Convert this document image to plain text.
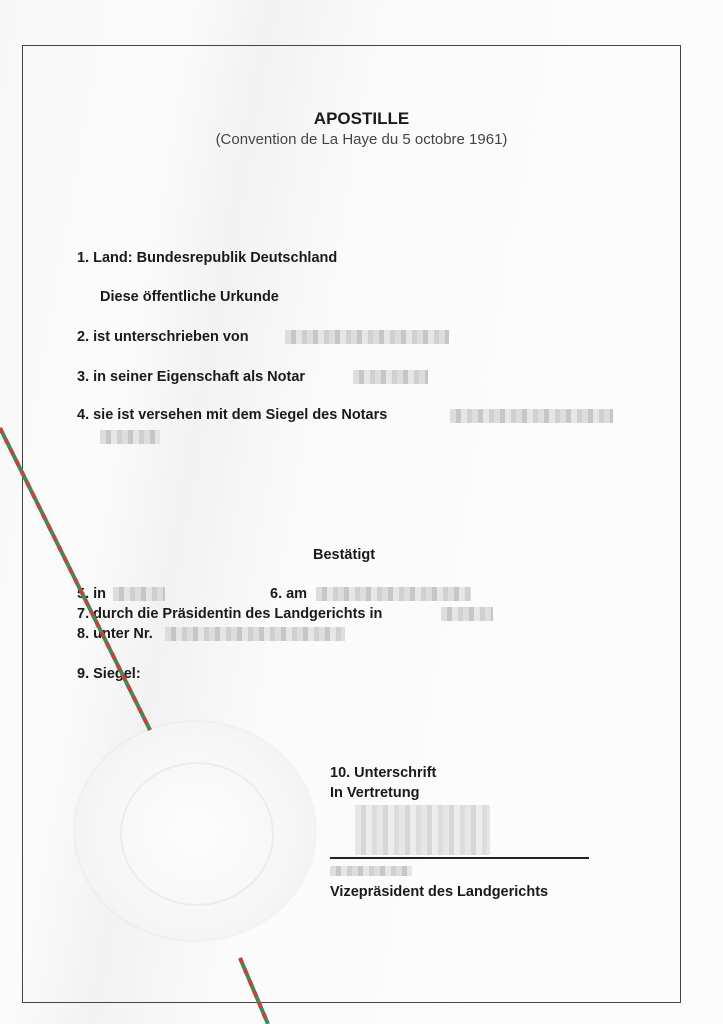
APOSTILLE
(Convention de La Haye du 5 octobre 1961)
1. Land: Bundesrepublik Deutschland
Diese öffentliche Urkunde
2. ist unterschrieben von
3. in seiner Eigenschaft als Notar
4. sie ist versehen mit dem Siegel des Notars
Bestätigt
5. in	6. am
7. durch die Präsidentin des Landgerichts in
8. unter Nr.
9. Siegel:
10. Unterschrift
In Vertretung
Vizepräsident des Landgerichts
